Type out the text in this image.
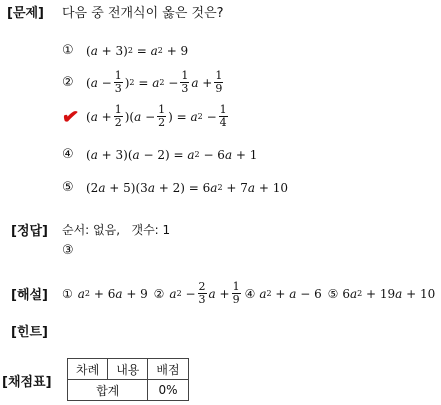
[문제] 다음 중 전개식이 옳은 것은?
①	( a + 3) 2 = a 2 + 9
②	( $a - \frac{1}{3}$ ) 2 = a $2 - \frac{1}{3}$ $a + \frac{1}{9}$
✔ ( $a + \frac{1}{2}$ )( $a - \frac{1}{2}$ ) = a $2 - \frac{1}{4}$
④	( a + 3)( a − 2) = a 2 − 6 a + 1
⑤	(2 a + 5)(3 a + 2) = 6 a 2 + 7 a + 10
[정답] 순서: 없음, 갯수: 1
③
[해설] ① a 2 + 6 a + 9 ② a $2 - \frac{2}{3}$ $a + \frac{1}{9}$ ④ a 2 + a − 6 ⑤ 6 a 2 + 19 a + 10
[힌트]
[채점표]
차례	내용	배점
합계		0%
